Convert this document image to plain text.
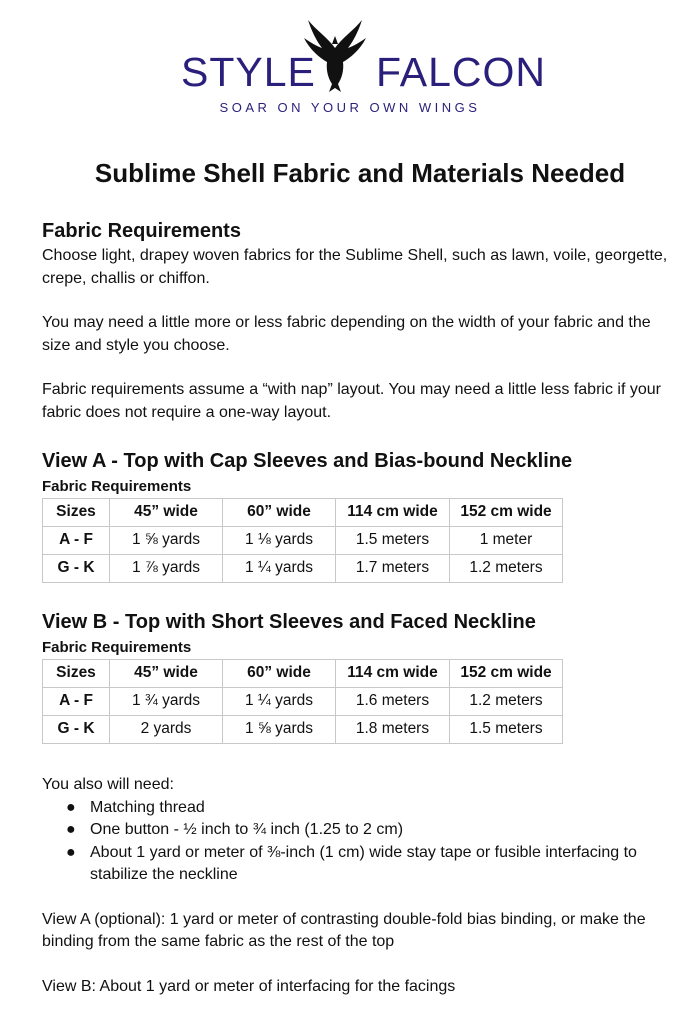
STYLE FALCON
SOAR ON YOUR OWN WINGS
Sublime Shell Fabric and Materials Needed
Fabric Requirements

Choose light, drapey woven fabrics for the Sublime Shell, such as lawn, voile, georgette, crepe, challis or chiffon.

You may need a little more or less fabric depending on the width of your fabric and the size and style you choose.

Fabric requirements assume a “with nap” layout. You may need a little less fabric if your fabric does not require a one-way layout.

View A - Top with Cap Sleeves and Bias-bound Neckline
Fabric Requirements
Sizes	45” wide	60” wide	114 cm wide	152 cm wide
A - F	1 ⅝ yards	1 ⅛ yards	1.5 meters	1 meter
G - K	1 ⅞ yards	1 ¼ yards	1.7 meters	1.2 meters
View B - Top with Short Sleeves and Faced Neckline
Fabric Requirements
Sizes	45” wide	60” wide	114 cm wide	152 cm wide
A - F	1 ¾ yards	1 ¼ yards	1.6 meters	1.2 meters
G - K	2 yards	1 ⅝ yards	1.8 meters	1.5 meters

You also will need:

● Matching thread
● One button - ½ inch to ¾ inch (1.25 to 2 cm)
● About 1 yard or meter of ⅜-inch (1 cm) wide stay tape or fusible interfacing to stabilize the neckline

View A (optional): 1 yard or meter of contrasting double-fold bias binding, or make the binding from the same fabric as the rest of the top

View B: About 1 yard or meter of interfacing for the facings
